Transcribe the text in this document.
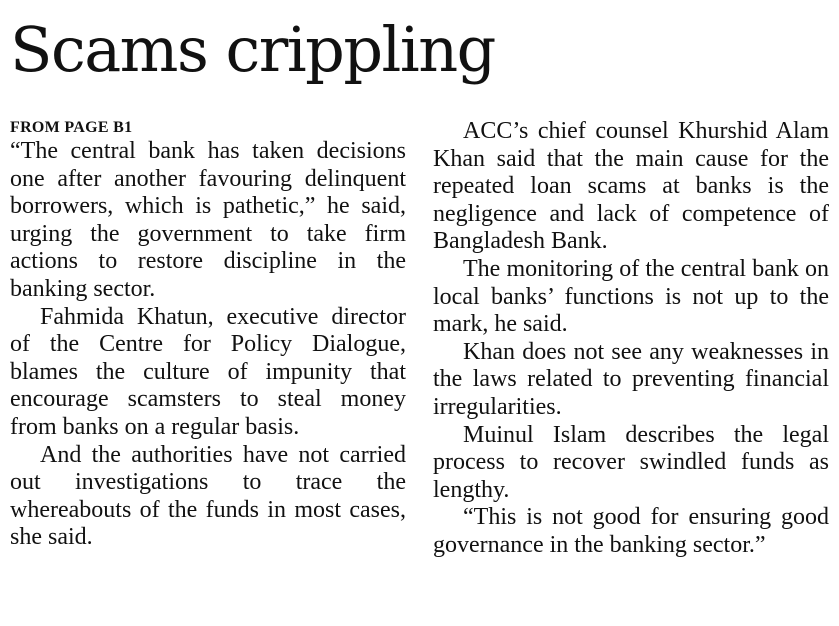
Scams crippling
FROM PAGE B1

“The central bank has taken decisions one after another favouring delinquent borrowers, which is pathetic,” he said, urging the government to take firm actions to restore discipline in the banking sector.

Fahmida Khatun, executive director of the Centre for Policy Dialogue, blames the culture of impunity that encourage scamsters to steal money from banks on a regular basis.

And the authorities have not carried out investigations to trace the whereabouts of the funds in most cases, she said.

ACC’s chief counsel Khurshid Alam Khan said that the main cause for the repeated loan scams at banks is the negligence and lack of competence of Bangladesh Bank.

The monitoring of the central bank on local banks’ functions is not up to the mark, he said.

Khan does not see any weaknesses in the laws related to preventing financial irregularities.

Muinul Islam describes the legal process to recover swindled funds as lengthy.

“This is not good for ensuring good governance in the banking sector.”
